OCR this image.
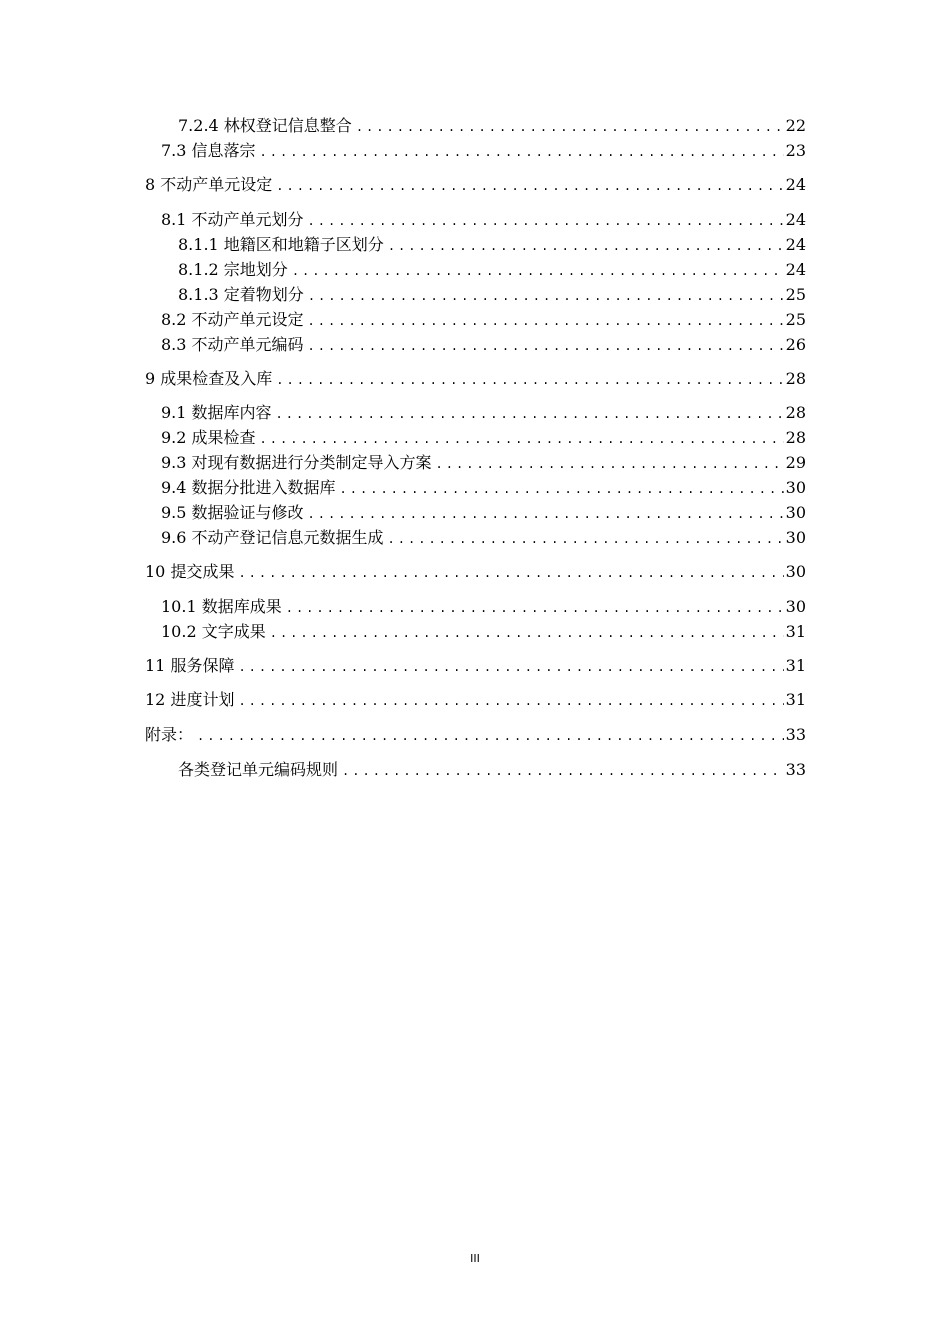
7.2.4 林权登记信息整合 .....	22
7.3 信息落宗 .....	23
8 不动产单元设定 .....	24
8.1 不动产单元划分 .....	24
8.1.1 地籍区和地籍子区划分 .....	24
8.1.2 宗地划分 .....	24
8.1.3 定着物划分 .....	25
8.2 不动产单元设定 .....	25
8.3 不动产单元编码 .....	26
9 成果检查及入库 .....	28
9.1 数据库内容 .....	28
9.2 成果检查 .....	28
9.3 对现有数据进行分类制定导入方案 .....	29
9.4 数据分批进入数据库 .....	30
9.5 数据验证与修改 .....	30
9.6 不动产登记信息元数据生成 .....	30
10 提交成果 .....	30
10.1 数据库成果 .....	30
10.2 文字成果 .....	31
11 服务保障 .....	31
12 进度计划 .....	31
附录： .....	33
各类登记单元编码规则 .....	33
III
